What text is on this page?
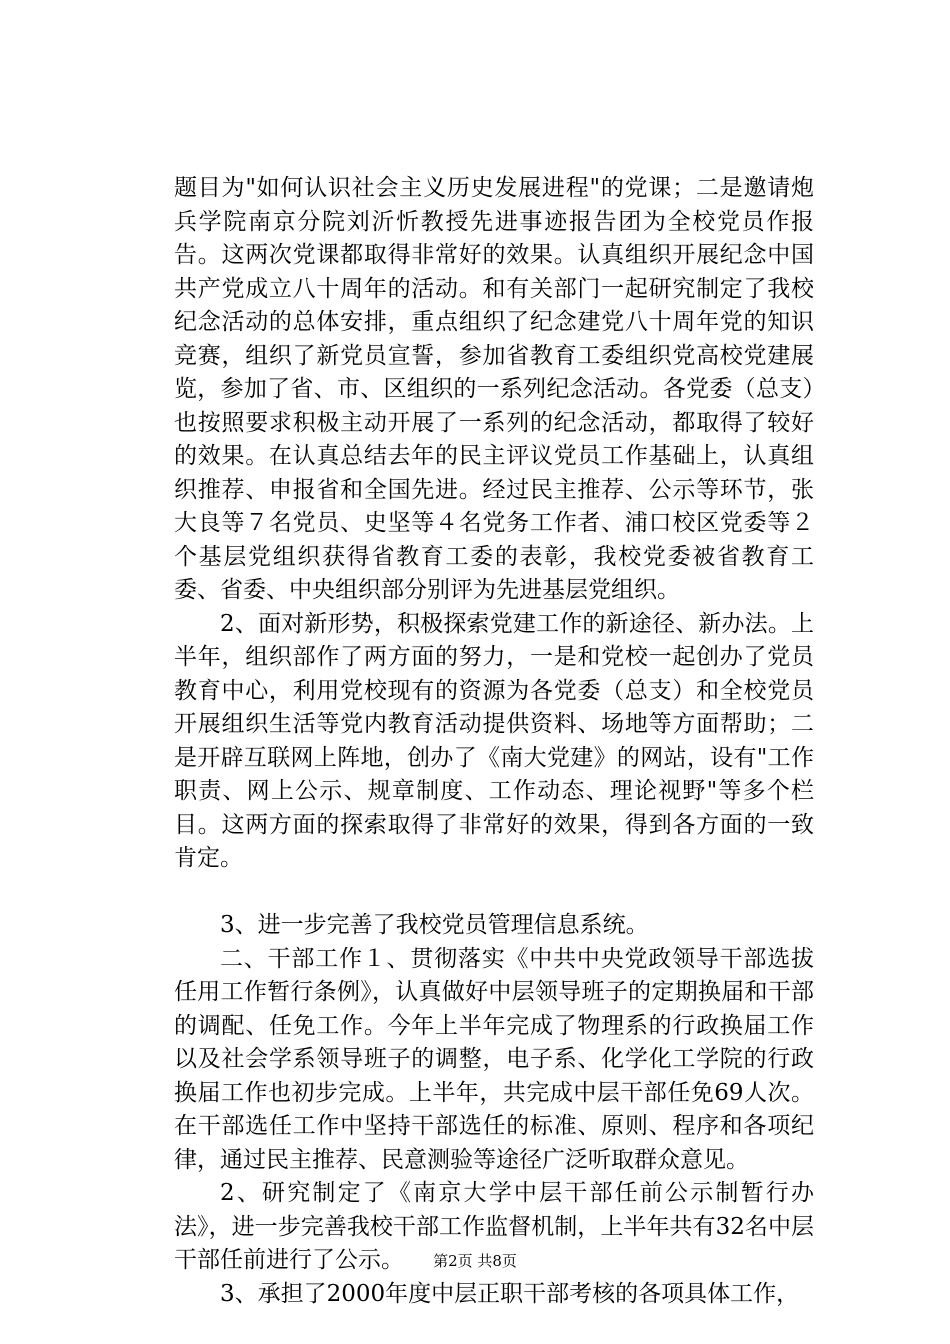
题目为"如何认识社会主义历史发展进程"的党课；二是邀请炮兵学院南京分院刘沂忻教授先进事迹报告团为全校党员作报告。这两次党课都取得非常好的效果。认真组织开展纪念中国共产党成立八十周年的活动。和有关部门一起研究制定了我校纪念活动的总体安排，重点组织了纪念建党八十周年党的知识竞赛，组织了新党员宣誓，参加省教育工委组织党高校党建展览，参加了省、市、区组织的一系列纪念活动。各党委（总支）也按照要求积极主动开展了一系列的纪念活动，都取得了较好的效果。在认真总结去年的民主评议党员工作基础上，认真组织推荐、申报省和全国先进。经过民主推荐、公示等环节，张大良等７名党员、史坚等４名党务工作者、浦口校区党委等２个基层党组织获得省教育工委的表彰，我校党委被省教育工委、省委、中央组织部分别评为先进基层党组织。

2、面对新形势，积极探索党建工作的新途径、新办法。上半年，组织部作了两方面的努力，一是和党校一起创办了党员教育中心，利用党校现有的资源为各党委（总支）和全校党员开展组织生活等党内教育活动提供资料、场地等方面帮助；二是开辟互联网上阵地，创办了《南大党建》的网站，设有"工作职责、网上公示、规章制度、工作动态、理论视野"等多个栏目。这两方面的探索取得了非常好的效果，得到各方面的一致肯定。

3、进一步完善了我校党员管理信息系统。

二、干部工作１、贯彻落实《中共中央党政领导干部选拔任用工作暂行条例》，认真做好中层领导班子的定期换届和干部的调配、任免工作。今年上半年完成了物理系的行政换届工作以及社会学系领导班子的调整，电子系、化学化工学院的行政换届工作也初步完成。上半年，共完成中层干部任免69人次。在干部选任工作中坚持干部选任的标准、原则、程序和各项纪律，通过民主推荐、民意测验等途径广泛听取群众意见。

2、研究制定了《南京大学中层干部任前公示制暂行办法》，进一步完善我校干部工作监督机制，上半年共有32名中层干部任前进行了公示。

3、承担了2000年度中层正职干部考核的各项具体工作，

第2页 共8页
